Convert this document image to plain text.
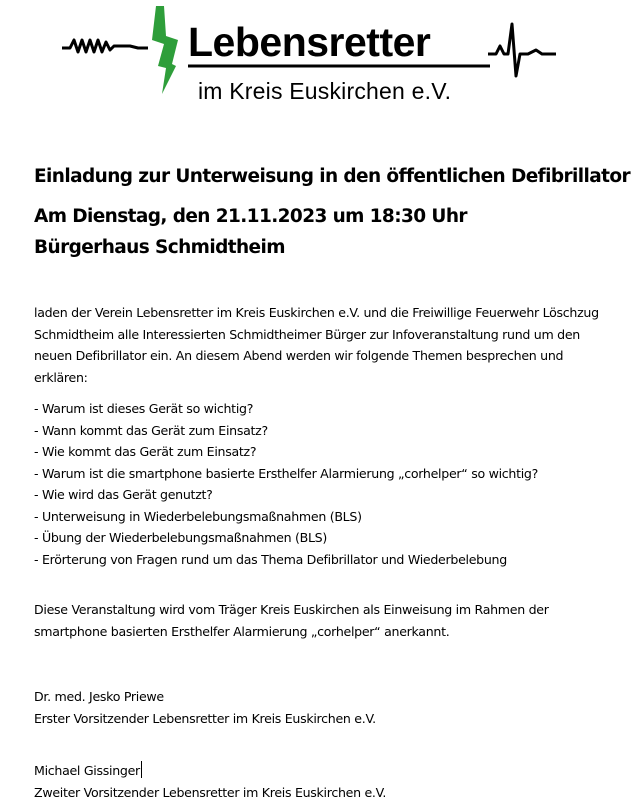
Lebensretter
im Kreis Euskirchen e.V.
Einladung zur Unterweisung in den öffentlichen Defibrillator
Am Dienstag, den 21.11.2023 um 18:30 Uhr
Bürgerhaus Schmidtheim
laden der Verein Lebensretter im Kreis Euskirchen e.V. und die Freiwillige Feuerwehr Löschzug Schmidtheim alle Interessierten Schmidtheimer Bürger zur Infoveranstaltung rund um den neuen Defibrillator ein. An diesem Abend werden wir folgende Themen besprechen und erklären:
- Warum ist dieses Gerät so wichtig?
- Wann kommt das Gerät zum Einsatz?
- Wie kommt das Gerät zum Einsatz?
- Warum ist die smartphone basierte Ersthelfer Alarmierung „corhelper“ so wichtig?
- Wie wird das Gerät genutzt?
- Unterweisung in Wiederbelebungsmaßnahmen (BLS)
- Übung der Wiederbelebungsmaßnahmen (BLS)
- Erörterung von Fragen rund um das Thema Defibrillator und Wiederbelebung
Diese Veranstaltung wird vom Träger Kreis Euskirchen als Einweisung im Rahmen der smartphone basierten Ersthelfer Alarmierung „corhelper“ anerkannt.
Dr. med. Jesko Priewe
Erster Vorsitzender Lebensretter im Kreis Euskirchen e.V.
Michael Gissinger
Zweiter Vorsitzender Lebensretter im Kreis Euskirchen e.V.
